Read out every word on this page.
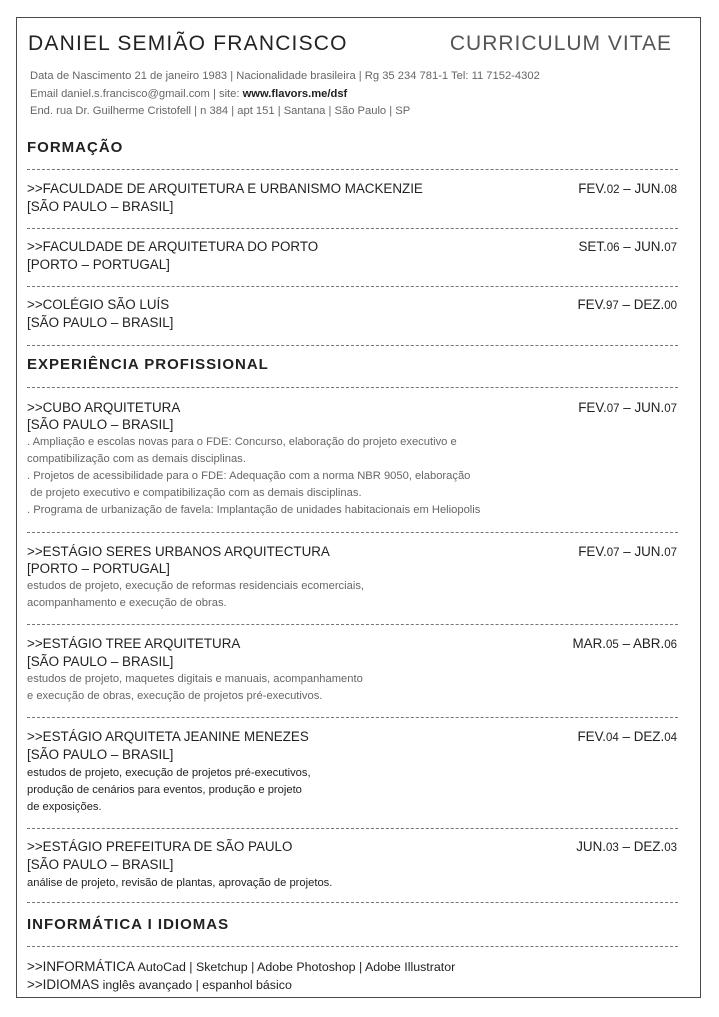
DANIEL SEMIÃO FRANCISCO	CURRICULUM VITAE
Data de Nascimento 21 de janeiro 1983 | Nacionalidade brasileira | Rg 35 234 781-1 Tel: 11 7152-4302
Email daniel.s.francisco@gmail.com | site: www.flavors.me/dsf
End. rua Dr. Guilherme Cristofell | n 384 | apt 151 | Santana | São Paulo | SP
FORMAÇÃO
>>FACULDADE DE ARQUITETURA E URBANISMO MACKENZIE	FEV.02 – JUN.08
[SÃO PAULO – BRASIL]
>>FACULDADE DE ARQUITETURA DO PORTO	SET.06 – JUN.07
[PORTO – PORTUGAL]
>>COLÉGIO SÃO LUÍS	FEV.97 – DEZ.00
[SÃO PAULO – BRASIL]
EXPERIÊNCIA PROFISSIONAL
>>CUBO ARQUITETURA	FEV.07 – JUN.07
[SÃO PAULO – BRASIL]
. Ampliação e escolas novas para o FDE: Concurso, elaboração do projeto executivo e
compatibilização com as demais disciplinas.
. Projetos de acessibilidade para o FDE: Adequação com a norma NBR 9050, elaboração
de projeto executivo e compatibilização com as demais disciplinas.
. Programa de urbanização de favela: Implantação de unidades habitacionais em Heliopolis
>>ESTÁGIO SERES URBANOS ARQUITECTURA	FEV.07 – JUN.07
[PORTO – PORTUGAL]
estudos de projeto, execução de reformas residenciais ecomerciais,
acompanhamento e execução de obras.
>>ESTÁGIO TREE ARQUITETURA	MAR.05 – ABR.06
[SÃO PAULO – BRASIL]
estudos de projeto, maquetes digitais e manuais, acompanhamento
e execução de obras, execução de projetos pré-executivos.
>>ESTÁGIO ARQUITETA JEANINE MENEZES	FEV.04 – DEZ.04
[SÃO PAULO – BRASIL]
estudos de projeto, execução de projetos pré-executivos,
produção de cenários para eventos, produção e projeto
de exposições.
>>ESTÁGIO PREFEITURA DE SÃO PAULO	JUN.03 – DEZ.03
[SÃO PAULO – BRASIL]
análise de projeto, revisão de plantas, aprovação de projetos.
INFORMÁTICA I IDIOMAS
>>INFORMÁTICA AutoCad | Sketchup | Adobe Photoshop | Adobe Illustrator
>>IDIOMAS inglês avançado | espanhol básico
